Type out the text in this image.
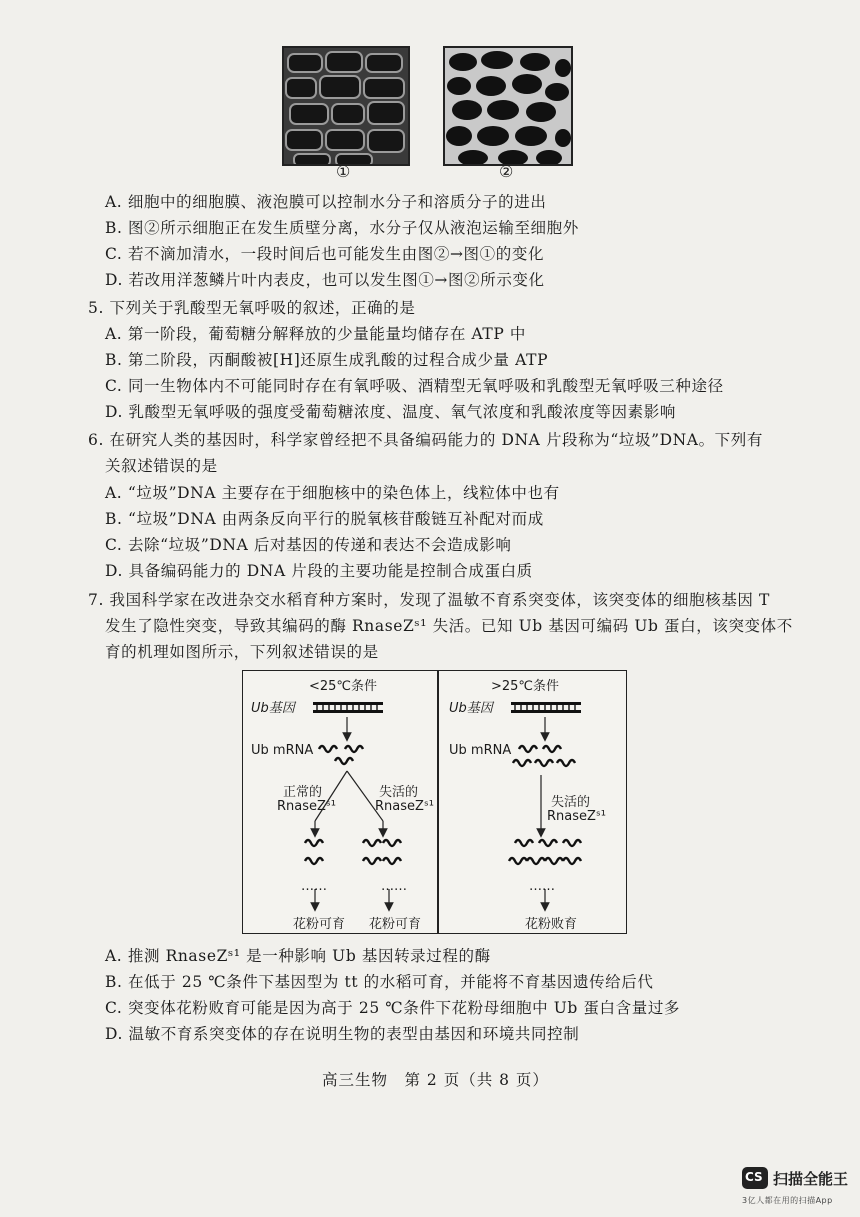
①	②
A. 细胞中的细胞膜、液泡膜可以控制水分子和溶质分子的进出
B. 图②所示细胞正在发生质壁分离，水分子仅从液泡运输至细胞外
C. 若不滴加清水，一段时间后也可能发生由图②→图①的变化
D. 若改用洋葱鳞片叶内表皮，也可以发生图①→图②所示变化
5. 下列关于乳酸型无氧呼吸的叙述，正确的是
A. 第一阶段，葡萄糖分解释放的少量能量均储存在 ATP 中
B. 第二阶段，丙酮酸被[H]还原生成乳酸的过程合成少量 ATP
C. 同一生物体内不可能同时存在有氧呼吸、酒精型无氧呼吸和乳酸型无氧呼吸三种途径
D. 乳酸型无氧呼吸的强度受葡萄糖浓度、温度、氧气浓度和乳酸浓度等因素影响
6. 在研究人类的基因时，科学家曾经把不具备编码能力的 DNA 片段称为“垃圾”DNA。下列有
关叙述错误的是
A. “垃圾”DNA 主要存在于细胞核中的染色体上，线粒体中也有
B. “垃圾”DNA 由两条反向平行的脱氧核苷酸链互补配对而成
C. 去除“垃圾”DNA 后对基因的传递和表达不会造成影响
D. 具备编码能力的 DNA 片段的主要功能是控制合成蛋白质
7. 我国科学家在改进杂交水稻育种方案时，发现了温敏不育系突变体，该突变体的细胞核基因 T
发生了隐性突变，导致其编码的酶 RnaseZˢ¹ 失活。已知 Ub 基因可编码 Ub 蛋白，该突变体不
育的机理如图所示，下列叙述错误的是
<25℃条件
Ub基因
Ub mRNA
正常的
RnaseZˢ¹
失活的
RnaseZˢ¹
……	……
花粉可育 花粉可育
>25℃条件
Ub基因
Ub mRNA
失活的
RnaseZˢ¹
……
花粉败育
A. 推测 RnaseZˢ¹ 是一种影响 Ub 基因转录过程的酶
B. 在低于 25 ℃条件下基因型为 tt 的水稻可育，并能将不育基因遗传给后代
C. 突变体花粉败育可能是因为高于 25 ℃条件下花粉母细胞中 Ub 蛋白含量过多
D. 温敏不育系突变体的存在说明生物的表型由基因和环境共同控制
高三生物　第 2 页（共 8 页）
CS 扫描全能王
3亿人都在用的扫描App
